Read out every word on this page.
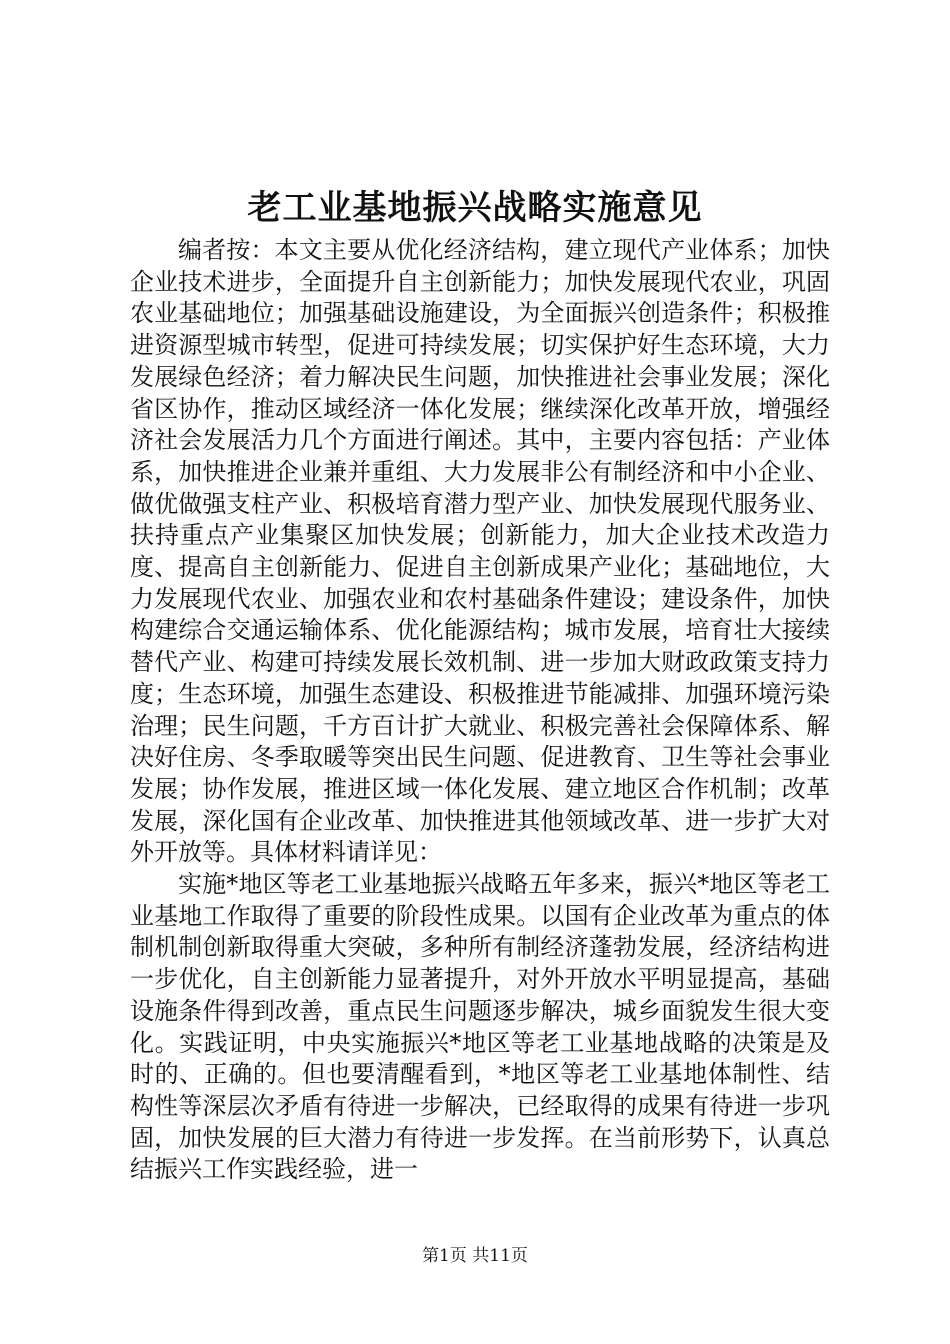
老工业基地振兴战略实施意见

编者按：本文主要从优化经济结构，建立现代产业体系；加快企业技术进步，全面提升自主创新能力；加快发展现代农业，巩固农业基础地位；加强基础设施建设，为全面振兴创造条件；积极推进资源型城市转型，促进可持续发展；切实保护好生态环境，大力发展绿色经济；着力解决民生问题，加快推进社会事业发展；深化省区协作，推动区域经济一体化发展；继续深化改革开放，增强经济社会发展活力几个方面进行阐述。其中，主要内容包括：产业体系，加快推进企业兼并重组、大力发展非公有制经济和中小企业、做优做强支柱产业、积极培育潜力型产业、加快发展现代服务业、扶持重点产业集聚区加快发展；创新能力，加大企业技术改造力度、提高自主创新能力、促进自主创新成果产业化；基础地位，大力发展现代农业、加强农业和农村基础条件建设；建设条件，加快构建综合交通运输体系、优化能源结构；城市发展，培育壮大接续替代产业、构建可持续发展长效机制、进一步加大财政政策支持力度；生态环境，加强生态建设、积极推进节能减排、加强环境污染治理；民生问题，千方百计扩大就业、积极完善社会保障体系、解决好住房、冬季取暖等突出民生问题、促进教育、卫生等社会事业发展；协作发展，推进区域一体化发展、建立地区合作机制；改革发展，深化国有企业改革、加快推进其他领域改革、进一步扩大对外开放等。具体材料请详见：

实施*地区等老工业基地振兴战略五年多来，振兴*地区等老工业基地工作取得了重要的阶段性成果。以国有企业改革为重点的体制机制创新取得重大突破，多种所有制经济蓬勃发展，经济结构进一步优化，自主创新能力显著提升，对外开放水平明显提高，基础设施条件得到改善，重点民生问题逐步解决，城乡面貌发生很大变化。实践证明，中央实施振兴*地区等老工业基地战略的决策是及时的、正确的。但也要清醒看到，*地区等老工业基地体制性、结构性等深层次矛盾有待进一步解决，已经取得的成果有待进一步巩固，加快发展的巨大潜力有待进一步发挥。在当前形势下，认真总结振兴工作实践经验，进一

第1页 共11页
